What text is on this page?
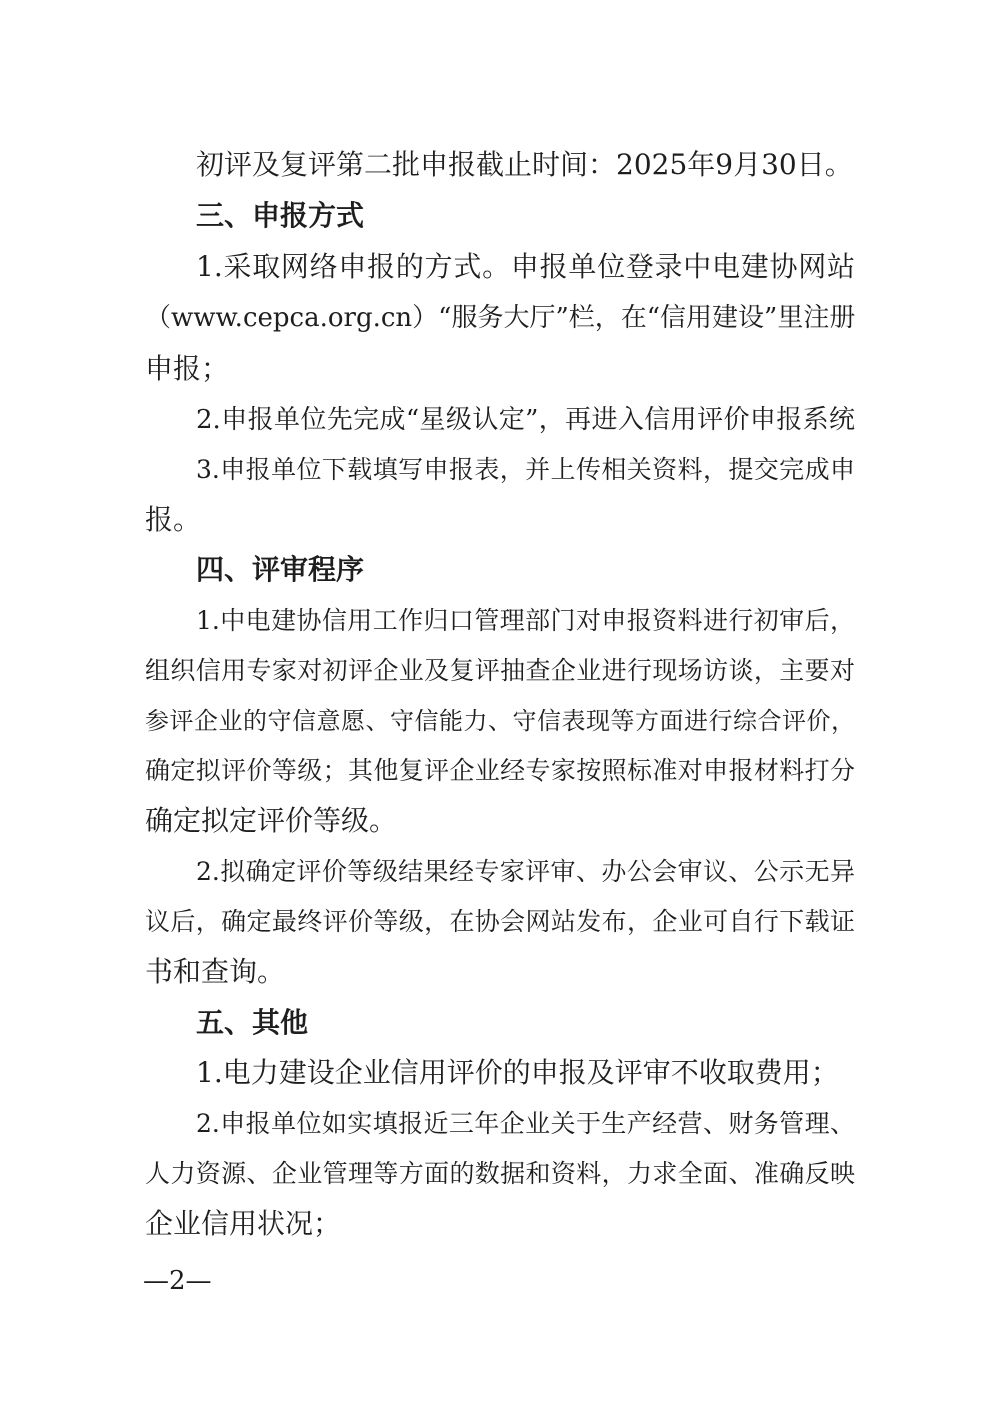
初评及复评第二批申报截止时间：2025年9月30日。
三、申报方式
1.采取网络申报的方式。申报单位登录中电建协网站
（www.cepca.org.cn）“服务大厅”栏，在“信用建设”里注册
申报；
2.申报单位先完成“星级认定”，再进入信用评价申报系统
3.申报单位下载填写申报表，并上传相关资料，提交完成申
报。
四、评审程序
1.中电建协信用工作归口管理部门对申报资料进行初审后，
组织信用专家对初评企业及复评抽查企业进行现场访谈，主要对
参评企业的守信意愿、守信能力、守信表现等方面进行综合评价，
确定拟评价等级；其他复评企业经专家按照标准对申报材料打分
确定拟定评价等级。
2.拟确定评价等级结果经专家评审、办公会审议、公示无异
议后，确定最终评价等级，在协会网站发布，企业可自行下载证
书和查询。
五、其他
1.电力建设企业信用评价的申报及评审不收取费用；
2.申报单位如实填报近三年企业关于生产经营、财务管理、
人力资源、企业管理等方面的数据和资料，力求全面、准确反映
企业信用状况；
—2—
